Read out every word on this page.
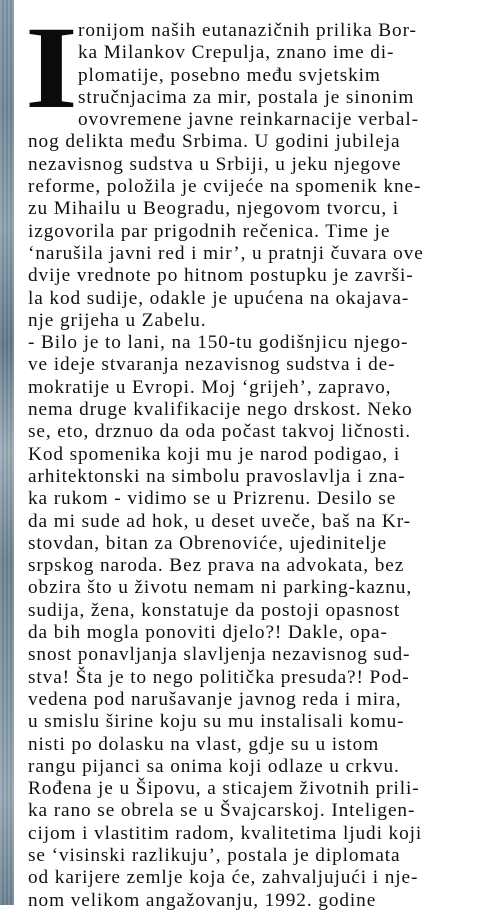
I ronijom naših eutanazičnih prilika Bor-
ka Milankov Crepulja, znano ime di-
plomatije, posebno među svjetskim
stručnjacima za mir, postala je sinonim
ovovremene javne reinkarnacije verbal-
nog delikta među Srbima. U godini jubileja
nezavisnog sudstva u Srbiji, u jeku njegove
reforme, položila je cvijeće na spomenik kne-
zu Mihailu u Beogradu, njegovom tvorcu, i
izgovorila par prigodnih rečenica. Time je
‘narušila javni red i mir’, u pratnji čuvara ove
dvije vrednote po hitnom postupku je završi-
la kod sudije, odakle je upućena na okajava-
nje grijeha u Zabelu.
- Bilo je to lani, na 150-tu godišnjicu njego-
ve ideje stvaranja nezavisnog sudstva i de-
mokratije u Evropi. Moj ‘grijeh’, zapravo,
nema druge kvalifikacije nego drskost. Neko
se, eto, drznuo da oda počast takvoj ličnosti.
Kod spomenika koji mu je narod podigao, i
arhitektonski na simbolu pravoslavlja i zna-
ka rukom - vidimo se u Prizrenu. Desilo se
da mi sude ad hok, u deset uveče, baš na Kr-
stovdan, bitan za Obrenoviće, ujedinitelje
srpskog naroda. Bez prava na advokata, bez
obzira što u životu nemam ni parking-kaznu,
sudija, žena, konstatuje da postoji opasnost
da bih mogla ponoviti djelo?! Dakle, opa-
snost ponavljanja slavljenja nezavisnog sud-
stva! Šta je to nego politička presuda?! Pod-
vedena pod narušavanje javnog reda i mira,
u smislu širine koju su mu instalisali komu-
nisti po dolasku na vlast, gdje su u istom
rangu pijanci sa onima koji odlaze u crkvu.
Rođena je u Šipovu, a sticajem životnih prili-
ka rano se obrela se u Švajcarskoj. Inteligen-
cijom i vlastitim radom, kvalitetima ljudi koji
se ‘visinski razlikuju’, postala je diplomata
od karijere zemlje koja će, zahvaljujući i nje-
nom velikom angažovanju, 1992. godine
